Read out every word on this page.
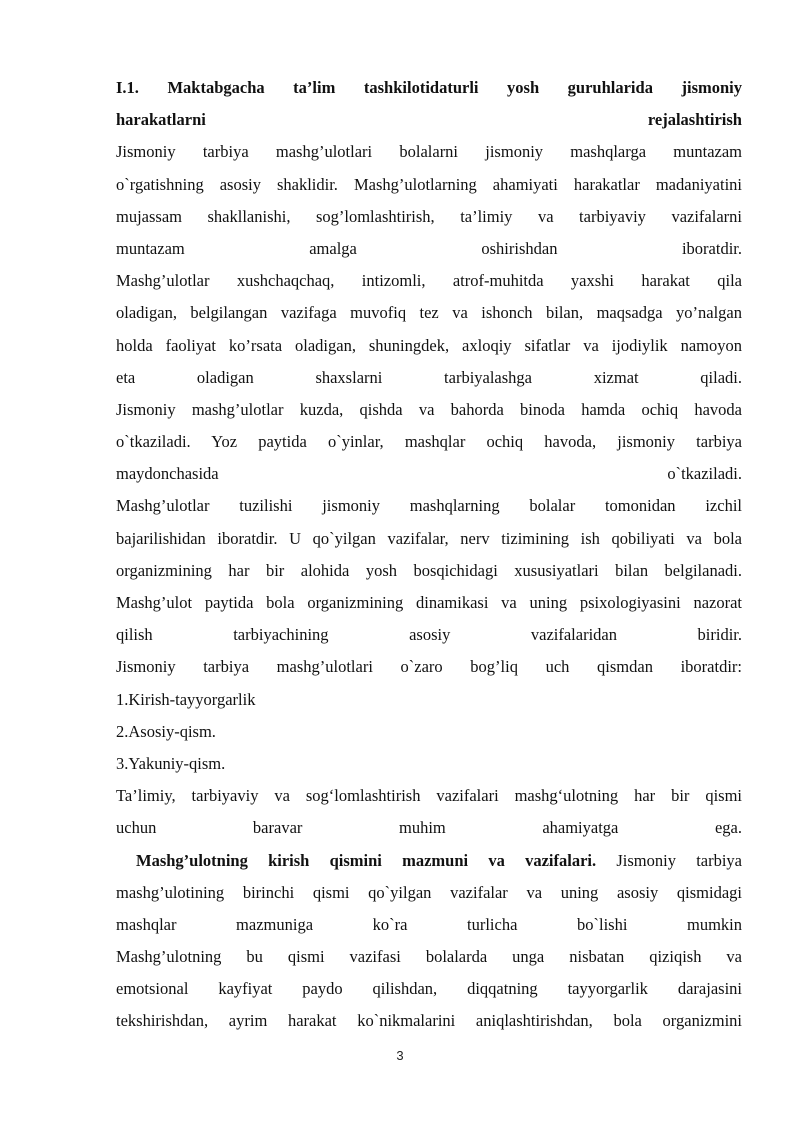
I.1. Maktabgacha ta’lim tashkilotidaturli yosh guruhlarida jismoniy
harakatlarni	rejalashtirish
Jismoniy tarbiya mashg’ulotlari bolalarni jismoniy mashqlarga muntazam
o`rgatishning asosiy shaklidir. Mashg’ulotlarning ahamiyati harakatlar madaniyatini
mujassam shakllanishi, sog’lomlashtirish, ta’limiy va tarbiyaviy vazifalarni
muntazam amalga oshirishdan iboratdir.
Mashg’ulotlar xushchaqchaq, intizomli, atrof-muhitda yaxshi harakat qila
oladigan, belgilangan vazifaga muvofiq tez va ishonch bilan, maqsadga yo’nalgan
holda faoliyat ko’rsata oladigan, shuningdek, axloqiy sifatlar va ijodiylik namoyon
eta oladigan shaxslarni tarbiyalashga xizmat qiladi.
Jismoniy mashg’ulotlar kuzda, qishda va bahorda binoda hamda ochiq havoda
o`tkaziladi. Yoz paytida o`yinlar, mashqlar ochiq havoda, jismoniy tarbiya
maydonchasida o`tkaziladi.
Mashg’ulotlar tuzilishi jismoniy mashqlarning bolalar tomonidan izchil
bajarilishidan iboratdir. U qo`yilgan vazifalar, nerv tizimining ish qobiliyati va bola
organizmining har bir alohida yosh bosqichidagi xususiyatlari bilan belgilanadi.
Mashg’ulot paytida bola organizmining dinamikasi va uning psixologiyasini nazorat
qilish tarbiyachining asosiy vazifalaridan biridir.
Jismoniy tarbiya mashg’ulotlari o`zaro bog’liq uch qismdan iboratdir:
1.Kirish-tayyorgarlik
2.Asosiy-qism.
3.Yakuniy-qism.
Ta’limiy, tarbiyaviy va sog‘lomlashtirish vazifalari mashg‘ulotning har bir qismi
uchun baravar muhim ahamiyatga ega.
Mashg’ulotning kirish qismini mazmuni va vazifalari. Jismoniy tarbiya
mashg’ulotining birinchi qismi qo`yilgan vazifalar va uning asosiy qismidagi
mashqlar mazmuniga ko`ra turlicha bo`lishi mumkin
Mashg’ulotning bu qismi vazifasi bolalarda unga nisbatan qiziqish va
emotsional kayfiyat paydo qilishdan, diqqatning tayyorgarlik darajasini
tekshirishdan, ayrim harakat ko`nikmalarini aniqlashtirishdan, bola organizmini
3
